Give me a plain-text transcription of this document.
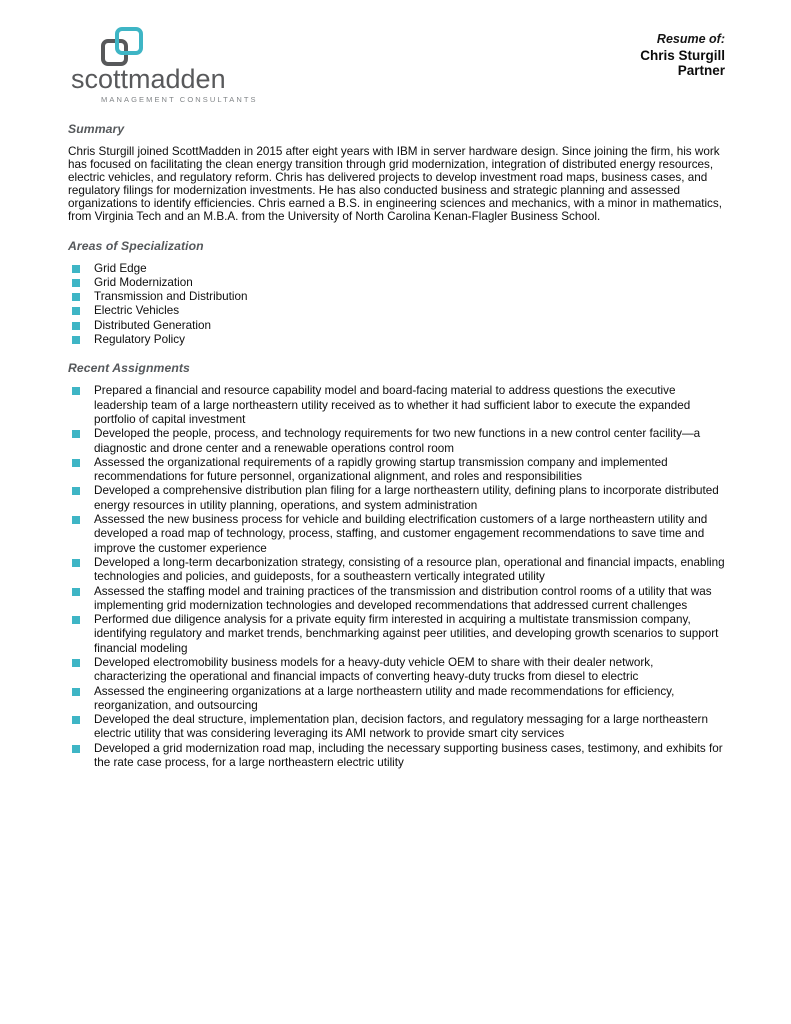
scottmadden
MANAGEMENT CONSULTANTS
Resume of:
Chris Sturgill
Partner
Summary

Chris Sturgill joined ScottMadden in 2015 after eight years with IBM in server hardware design. Since joining the firm, his work has focused on facilitating the clean energy transition through grid modernization, integration of distributed energy resources, electric vehicles, and regulatory reform. Chris has delivered projects to develop investment road maps, business cases, and regulatory filings for modernization investments. He has also conducted business and strategic planning and assessed organizations to identify efficiencies. Chris earned a B.S. in engineering sciences and mechanics, with a minor in mathematics, from Virginia Tech and an M.B.A. from the University of North Carolina Kenan-Flagler Business School.

Areas of Specialization
Grid Edge
Grid Modernization
Transmission and Distribution
Electric Vehicles
Distributed Generation
Regulatory Policy
Recent Assignments
Prepared a financial and resource capability model and board-facing material to address questions the executive leadership team of a large northeastern utility received as to whether it had sufficient labor to execute the expanded portfolio of capital investment
Developed the people, process, and technology requirements for two new functions in a new control center facility—a diagnostic and drone center and a renewable operations control room
Assessed the organizational requirements of a rapidly growing startup transmission company and implemented recommendations for future personnel, organizational alignment, and roles and responsibilities
Developed a comprehensive distribution plan filing for a large northeastern utility, defining plans to incorporate distributed energy resources in utility planning, operations, and system administration
Assessed the new business process for vehicle and building electrification customers of a large northeastern utility and developed a road map of technology, process, staffing, and customer engagement recommendations to save time and improve the customer experience
Developed a long-term decarbonization strategy, consisting of a resource plan, operational and financial impacts, enabling technologies and policies, and guideposts, for a southeastern vertically integrated utility
Assessed the staffing model and training practices of the transmission and distribution control rooms of a utility that was implementing grid modernization technologies and developed recommendations that addressed current challenges
Performed due diligence analysis for a private equity firm interested in acquiring a multistate transmission company, identifying regulatory and market trends, benchmarking against peer utilities, and developing growth scenarios to support financial modeling
Developed electromobility business models for a heavy-duty vehicle OEM to share with their dealer network, characterizing the operational and financial impacts of converting heavy-duty trucks from diesel to electric
Assessed the engineering organizations at a large northeastern utility and made recommendations for efficiency, reorganization, and outsourcing
Developed the deal structure, implementation plan, decision factors, and regulatory messaging for a large northeastern electric utility that was considering leveraging its AMI network to provide smart city services
Developed a grid modernization road map, including the necessary supporting business cases, testimony, and exhibits for the rate case process, for a large northeastern electric utility
